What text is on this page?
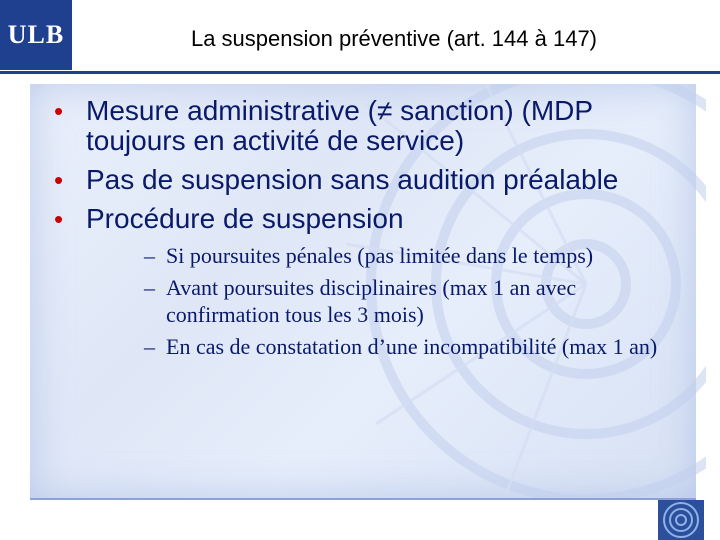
ULB	La suspension préventive (art. 144 à 147)
• Mesure administrative (≠ sanction) (MDP toujours en activité de service)
• Pas de suspension sans audition préalable
• Procédure de suspension
– Si poursuites pénales (pas limitée dans le temps)
– Avant poursuites disciplinaires (max 1 an avec confirmation tous les 3 mois)
– En cas de constatation d’une incompatibilité (max 1 an)
